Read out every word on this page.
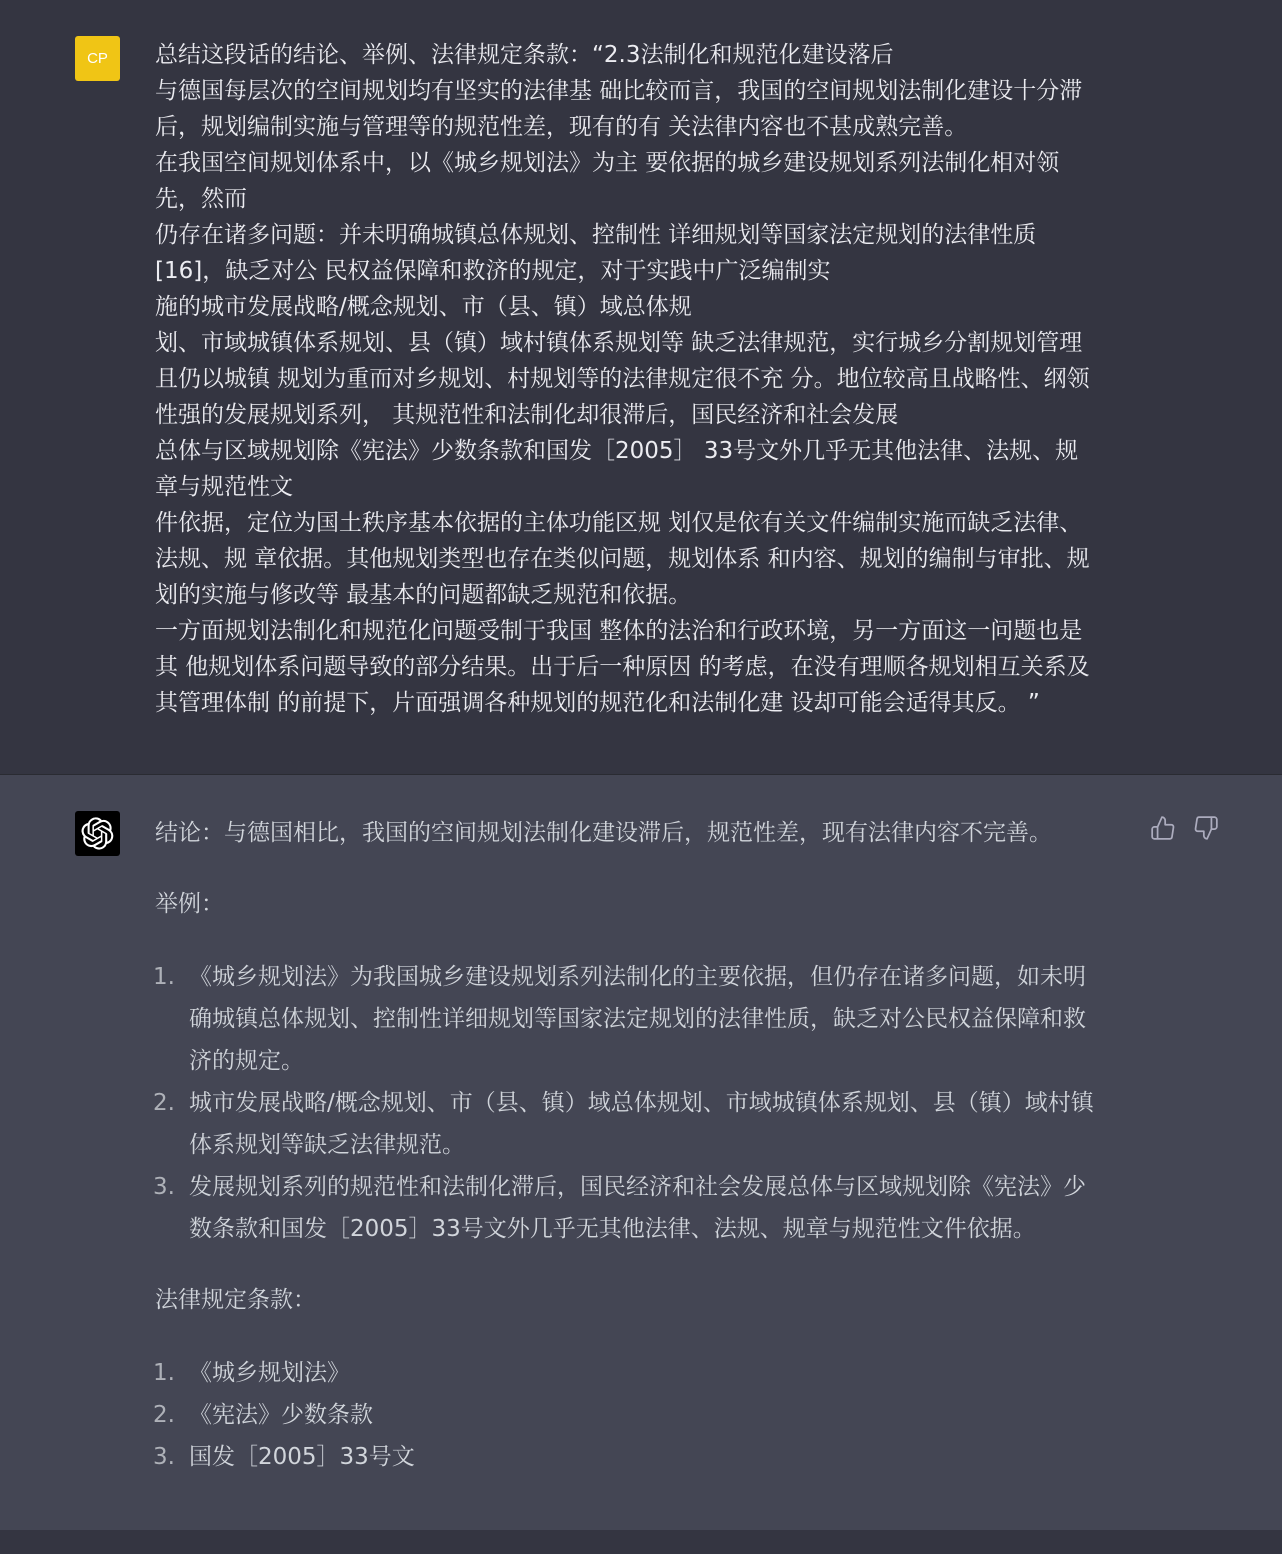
CP	总结这段话的结论、举例、法律规定条款：“2.3法制化和规范化建设落后
与德国每层次的空间规划均有坚实的法律基 础比较而言，我国的空间规划法制化建设十分滞
后，规划编制实施与管理等的规范性差，现有的有 关法律内容也不甚成熟完善。
在我国空间规划体系中，以《城乡规划法》为主 要依据的城乡建设规划系列法制化相对领
先，然而
仍存在诸多问题：并未明确城镇总体规划、控制性 详细规划等国家法定规划的法律性质
[16]，缺乏对公 民权益保障和救济的规定，对于实践中广泛编制实
施的城市发展战略/概念规划、市（县、镇）域总体规
划、市域城镇体系规划、县（镇）域村镇体系规划等 缺乏法律规范，实行城乡分割规划管理
且仍以城镇 规划为重而对乡规划、村规划等的法律规定很不充 分。地位较高且战略性、纲领
性强的发展规划系列， 其规范性和法制化却很滞后，国民经济和社会发展
总体与区域规划除《宪法》少数条款和国发［2005］ 33号文外几乎无其他法律、法规、规
章与规范性文
件依据，定位为国土秩序基本依据的主体功能区规 划仅是依有关文件编制实施而缺乏法律、
法规、规 章依据。其他规划类型也存在类似问题，规划体系 和内容、规划的编制与审批、规
划的实施与修改等 最基本的问题都缺乏规范和依据。
一方面规划法制化和规范化问题受制于我国 整体的法治和行政环境，另一方面这一问题也是
其 他规划体系问题导致的部分结果。出于后一种原因 的考虑，在没有理顺各规划相互关系及
其管理体制 的前提下，片面强调各种规划的规范化和法制化建 设却可能会适得其反。 ”
结论：与德国相比，我国的空间规划法制化建设滞后，规范性差，现有法律内容不完善。
举例：
1. 《城乡规划法》为我国城乡建设规划系列法制化的主要依据，但仍存在诸多问题，如未明
确城镇总体规划、控制性详细规划等国家法定规划的法律性质，缺乏对公民权益保障和救
济的规定。
2. 城市发展战略/概念规划、市（县、镇）域总体规划、市域城镇体系规划、县（镇）域村镇
体系规划等缺乏法律规范。
3. 发展规划系列的规范性和法制化滞后，国民经济和社会发展总体与区域规划除《宪法》少
数条款和国发［2005］33号文外几乎无其他法律、法规、规章与规范性文件依据。
法律规定条款：
1. 《城乡规划法》
2. 《宪法》少数条款
3. 国发［2005］33号文
